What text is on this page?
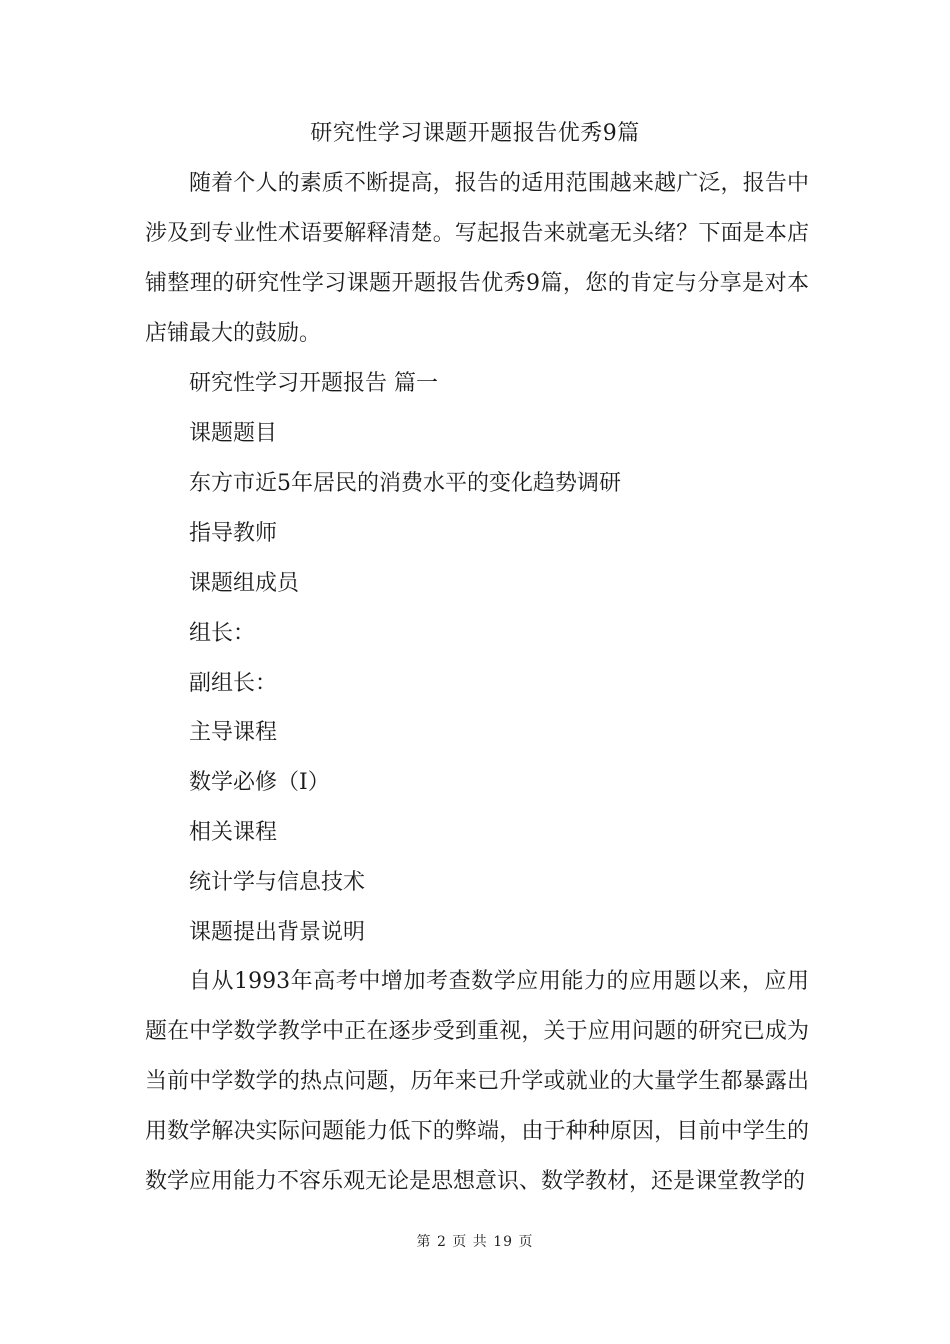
研究性学习课题开题报告优秀9篇

随着个人的素质不断提高，报告的适用范围越来越广泛，报告中涉及到专业性术语要解释清楚。写起报告来就毫无头绪？下面是本店铺整理的研究性学习课题开题报告优秀9篇，您的肯定与分享是对本店铺最大的鼓励。

研究性学习开题报告 篇一
课题题目
东方市近5年居民的消费水平的变化趋势调研
指导教师
课题组成员
组长：
副组长：
主导课程
数学必修（I）
相关课程
统计学与信息技术
课题提出背景说明

自从1993年高考中增加考查数学应用能力的应用题以来，应用题在中学数学教学中正在逐步受到重视，关于应用问题的研究已成为当前中学数学的热点问题，历年来已升学或就业的大量学生都暴露出用数学解决实际问题能力低下的弊端，由于种种原因，目前中学生的数学应用能力不容乐观无论是思想意识、数学教材，还是课堂教学的

第 2 页 共 19 页
